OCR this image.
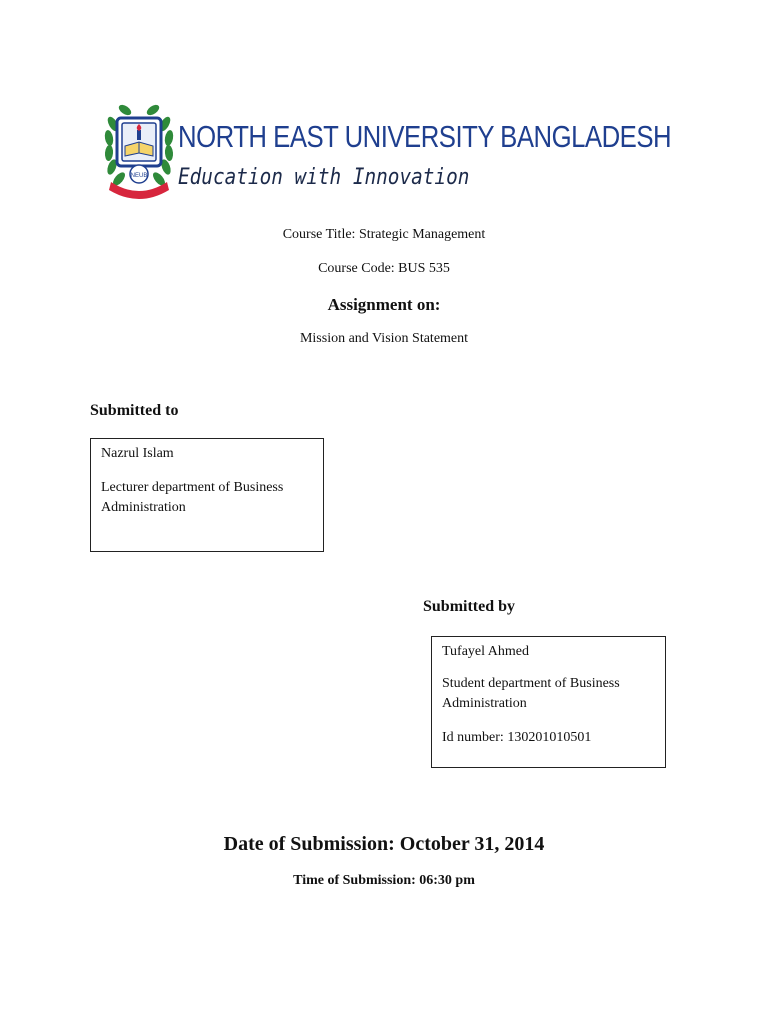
NEUB
NORTH EAST UNIVERSITY BANGLADESH
Education with Innovation
Course Title: Strategic Management
Course Code: BUS 535
Assignment on:
Mission and Vision Statement
Submitted to
Nazrul Islam
Lecturer department of Business Administration
Submitted by
Tufayel Ahmed
Student department of Business Administration
Id number: 130201010501
Date of Submission: October 31, 2014
Time of Submission: 06:30 pm
